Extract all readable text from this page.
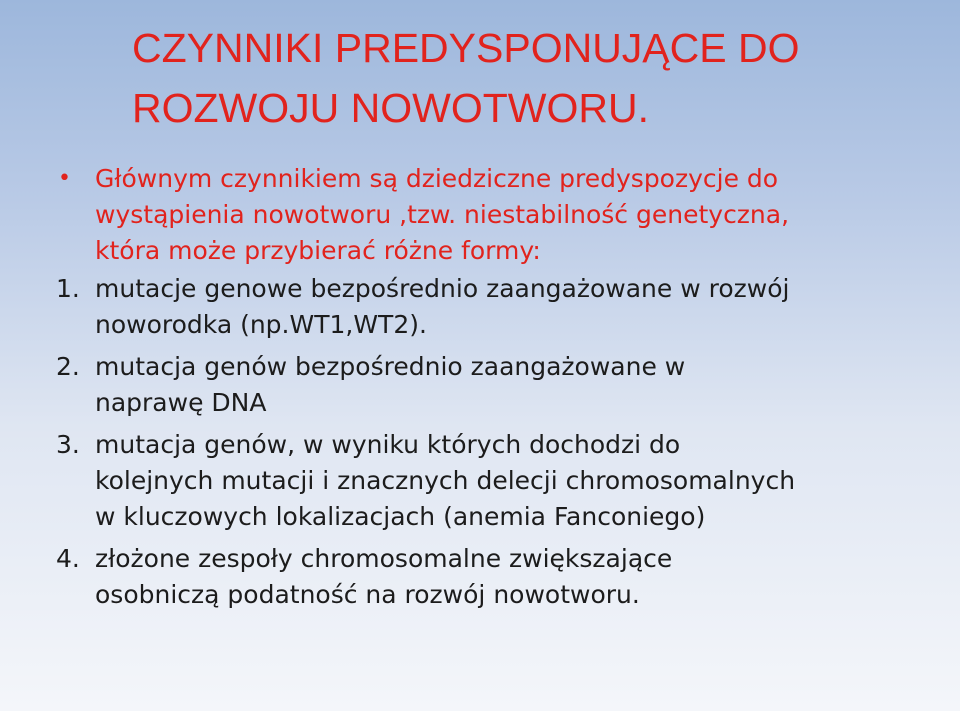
CZYNNIKI PREDYSPONUJĄCE DO
ROZWOJU NOWOTWORU.
• Głównym czynnikiem są dziedziczne predyspozycje do
wystąpienia nowotworu ,tzw. niestabilność genetyczna,
która może przybierać różne formy:
1. mutacje genowe bezpośrednio zaangażowane w rozwój
noworodka (np.WT1,WT2).
2. mutacja genów bezpośrednio zaangażowane w
naprawę DNA
3. mutacja genów, w wyniku których dochodzi do
kolejnych mutacji i znacznych delecji chromosomalnych
w kluczowych lokalizacjach (anemia Fanconiego)
4. złożone zespoły chromosomalne zwiększające
osobniczą podatność na rozwój nowotworu.
